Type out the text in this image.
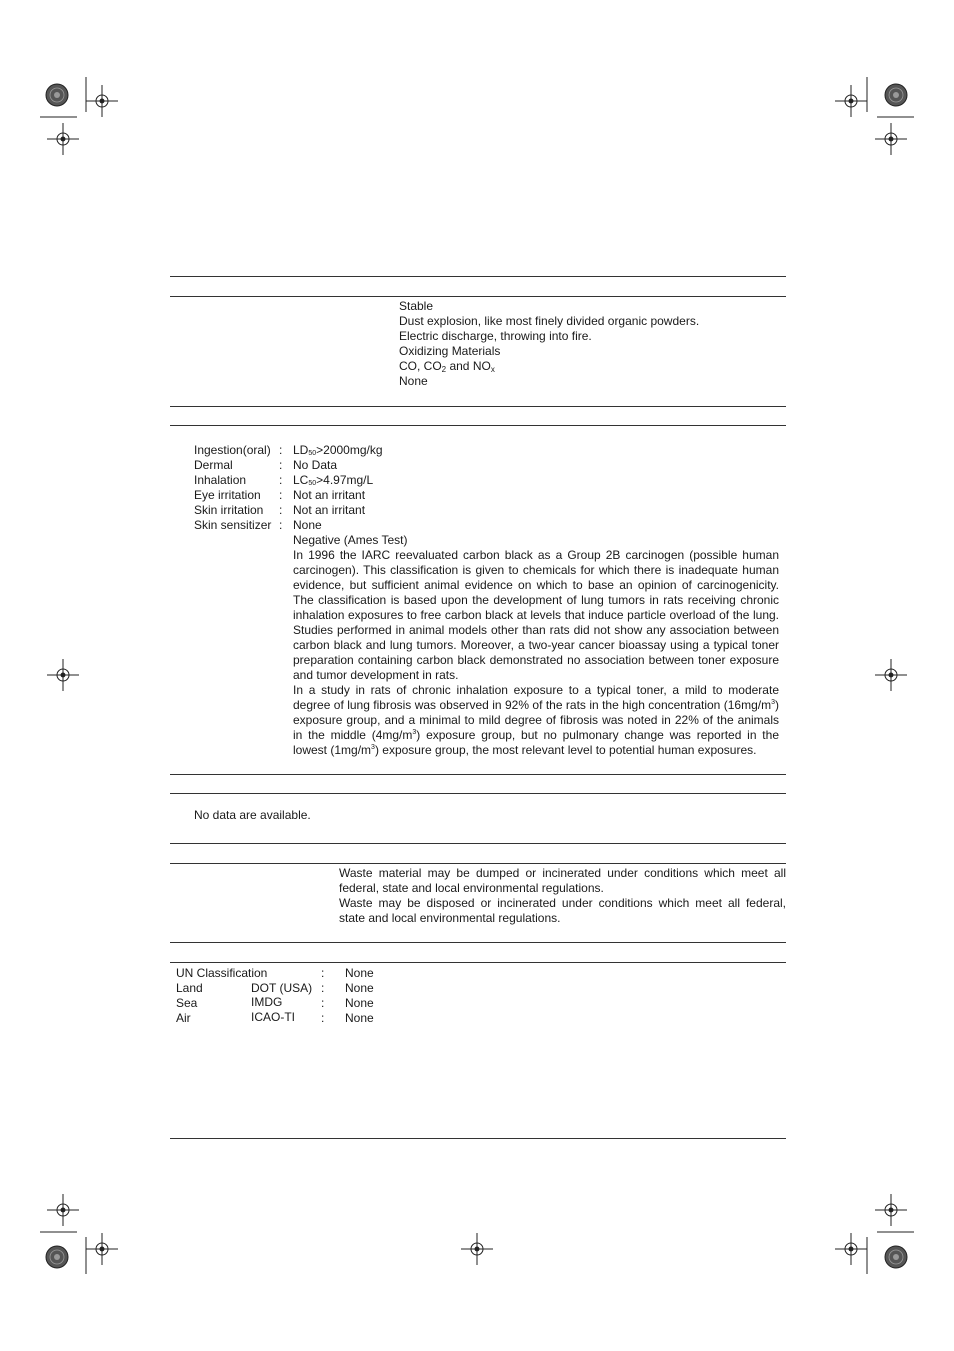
Stable
Dust explosion, like most finely divided organic powders.
Electric discharge, throwing into fire.
Oxidizing Materials
CO, CO2 and NOx
None
Ingestion(oral) : $LD_{50}>2000mg/kg$
Dermal	: No Data
Inhalation	: $LC_{50}>4.97mg/L$
Eye irritation : Not an irritant
Skin irritation : Not an irritant
Skin sensitizer : None

Negative (Ames Test)

In 1996 the IARC reevaluated carbon black as a Group 2B carcinogen (possible human carcinogen). This classification is given to chemicals for which there is inadequate human evidence, but sufficient animal evidence on which to base an opinion of carcinogenicity. The classification is based upon the development of lung tumors in rats receiving chronic inhalation exposures to free carbon black at levels that induce particle overload of the lung. Studies performed in animal models other than rats did not show any association between carbon black and lung tumors. Moreover, a two-year cancer bioassay using a typical toner preparation containing carbon black demonstrated no association between toner exposure and tumor development in rats.

In a study in rats of chronic inhalation exposure to a typical toner, a mild to moderate degree of lung fibrosis was observed in 92% of the rats in the high concentration $(16mg/m^3)$ exposure group, and a minimal to mild degree of fibrosis was noted in 22% of the animals in the middle $(4mg/m^3)$ exposure group, but no pulmonary change was reported in the lowest $(1mg/m^3)$ exposure group, the most relevant level to potential human exposures.

No data are available.

Waste material may be dumped or incinerated under conditions which meet all federal, state and local environmental regulations.

Waste may be disposed or incinerated under conditions which meet all federal, state and local environmental regulations.

UN Classification	: None
Land	DOT (USA) : None
Sea	IMDG	: None
Air	ICAO-TI : None
